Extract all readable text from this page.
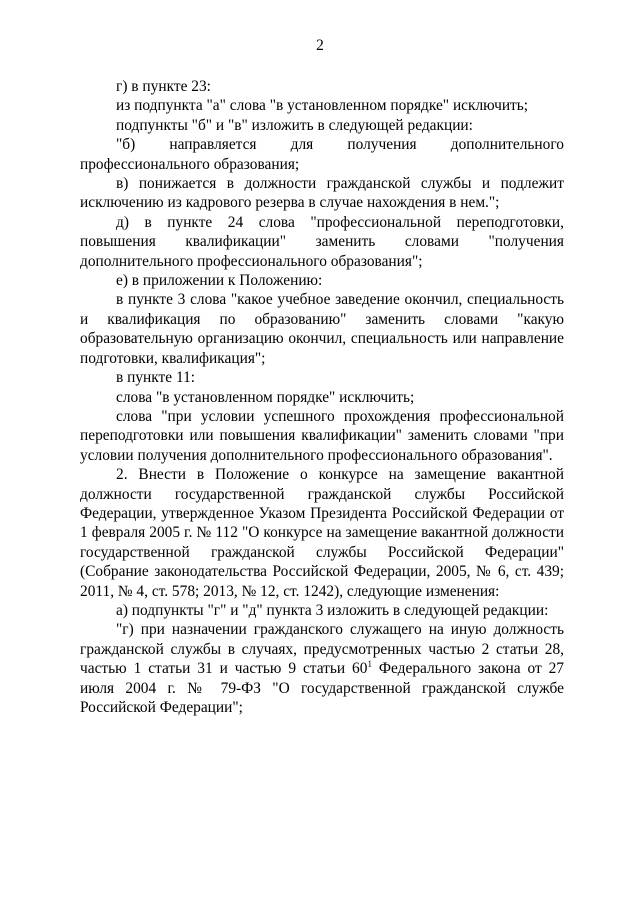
2

г) в пункте 23:

из подпункта "а" слова "в установленном порядке" исключить;

подпункты "б" и "в" изложить в следующей редакции:

"б) направляется для получения дополнительного профессионального образования;

в) понижается в должности гражданской службы и подлежит исключению из кадрового резерва в случае нахождения в нем.";

д) в пункте 24 слова "профессиональной переподготовки, повышения квалификации" заменить словами "получения дополнительного профессионального образования";

е) в приложении к Положению:

в пункте 3 слова "какое учебное заведение окончил, специальность и квалификация по образованию" заменить словами "какую образовательную организацию окончил, специальность или направление подготовки, квалификация";

в пункте 11:

слова "в установленном порядке" исключить;

слова "при условии успешного прохождения профессиональной переподготовки или повышения квалификации" заменить словами "при условии получения дополнительного профессионального образования".

2. Внести в Положение о конкурсе на замещение вакантной должности государственной гражданской службы Российской Федерации, утвержденное Указом Президента Российской Федерации от 1 февраля 2005 г. № 112 "О конкурсе на замещение вакантной должности государственной гражданской службы Российской Федерации" (Собрание законодательства Российской Федерации, 2005, № 6, ст. 439; 2011, № 4, ст. 578; 2013, № 12, ст. 1242), следующие изменения:

а) подпункты "г" и "д" пункта 3 изложить в следующей редакции:

"г) при назначении гражданского служащего на иную должность гражданской службы в случаях, предусмотренных частью 2 статьи 28, частью 1 статьи 31 и частью 9 статьи $60^1$ Федерального закона от 27 июля 2004 г. № 79-ФЗ "О государственной гражданской службе Российской Федерации";
